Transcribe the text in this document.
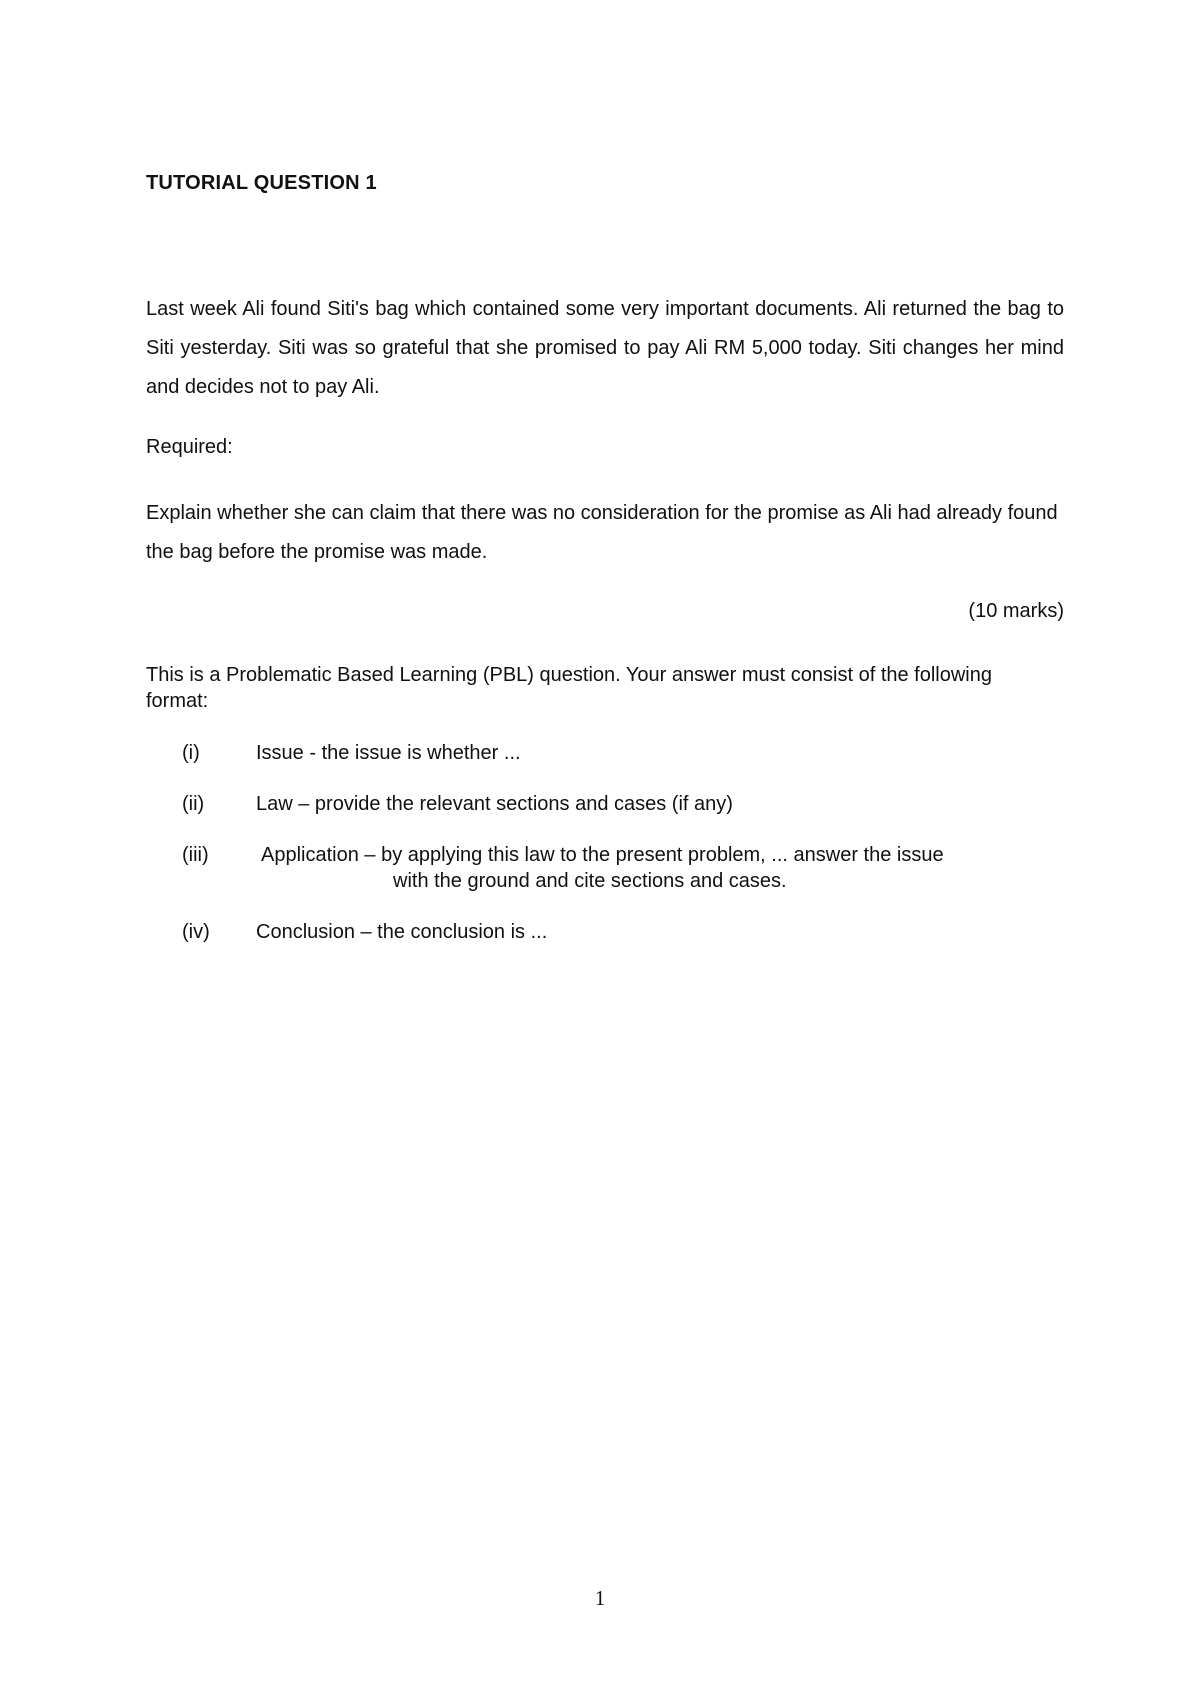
TUTORIAL QUESTION 1
Last week Ali found Siti's bag which contained some very important documents. Ali returned the bag to Siti yesterday. Siti was so grateful that she promised to pay Ali RM 5,000 today. Siti changes her mind and decides not to pay Ali.
Required:
Explain whether she can claim that there was no consideration for the promise as Ali had already found the bag before the promise was made.
(10 marks)
This is a Problematic Based Learning (PBL) question. Your answer must consist of the following format:
(i)	Issue - the issue is whether ...
(ii)	Law – provide the relevant sections and cases (if any)
(iii)	Application – by applying this law to the present problem, ... answer the issue
with the ground and cite sections and cases.
(iv) Conclusion – the conclusion is ...
1
